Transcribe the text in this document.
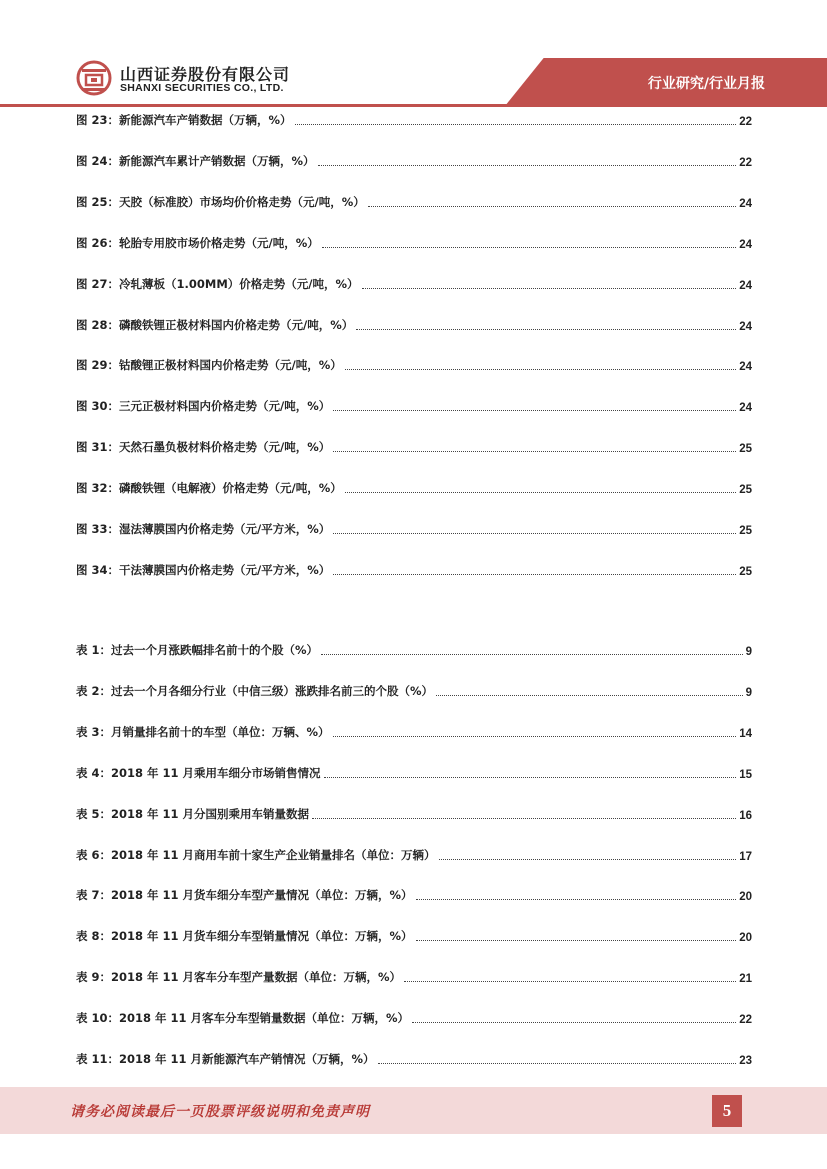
山西证券股份有限公司
SHANXI SECURITIES CO., LTD.	行业研究/行业月报
图 23：新能源汽车产销数据（万辆，%）	22
图 24：新能源汽车累计产销数据（万辆，%）	22
图 25：天胶（标准胶）市场均价价格走势（元/吨，%）	24
图 26：轮胎专用胶市场价格走势（元/吨，%）	24
图 27：冷轧薄板（1.00MM）价格走势（元/吨，%）	24
图 28：磷酸铁锂正极材料国内价格走势（元/吨，%）	24
图 29：钴酸锂正极材料国内价格走势（元/吨，%）	24
图 30：三元正极材料国内价格走势（元/吨，%）	24
图 31：天然石墨负极材料价格走势（元/吨，%）	25
图 32：磷酸铁锂（电解液）价格走势（元/吨，%）	25
图 33：湿法薄膜国内价格走势（元/平方米，%）	25
图 34：干法薄膜国内价格走势（元/平方米，%）	25
表 1：过去一个月涨跌幅排名前十的个股（%）	9
表 2：过去一个月各细分行业（中信三级）涨跌排名前三的个股（%）	9
表 3：月销量排名前十的车型（单位：万辆、%）	14
表 4：2018 年 11 月乘用车细分市场销售情况	15
表 5：2018 年 11 月分国别乘用车销量数据	16
表 6：2018 年 11 月商用车前十家生产企业销量排名（单位：万辆）	17
表 7：2018 年 11 月货车细分车型产量情况（单位：万辆，%）	20
表 8：2018 年 11 月货车细分车型销量情况（单位：万辆，%）	20
表 9：2018 年 11 月客车分车型产量数据（单位：万辆，%）	21
表 10：2018 年 11 月客车分车型销量数据（单位：万辆，%）	22
表 11：2018 年 11 月新能源汽车产销情况（万辆，%）	23
请务必阅读最后一页股票评级说明和免责声明	5
